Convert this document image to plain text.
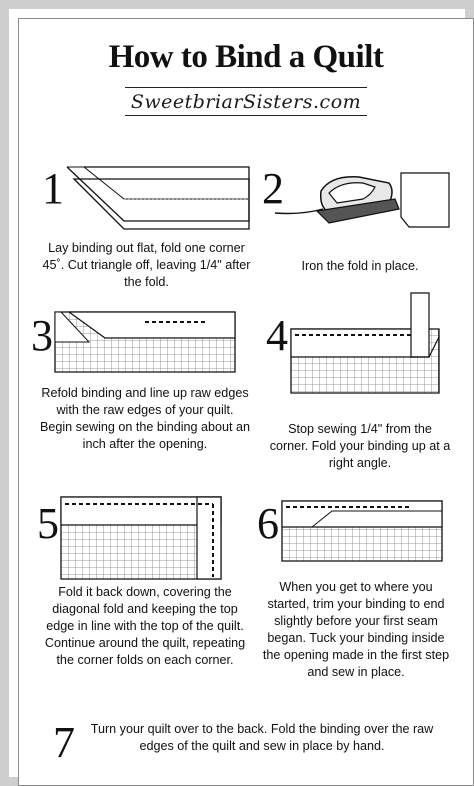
How to Bind a Quilt
SweetbriarSisters.com
1
Lay binding out flat, fold one corner 45˚. Cut triangle off, leaving 1/4" after the fold.
2
Iron the fold in place.
3
Refold binding and line up raw edges with the raw edges of your quilt. Begin sewing on the binding about an inch after the opening.
4
Stop sewing 1/4" from the corner. Fold your binding up at a right angle.
5
Fold it back down, covering the diagonal fold and keeping the top edge in line with the top of the quilt. Continue around the quilt, repeating the corner folds on each corner.
6
When you get to where you started, trim your binding to end slightly before your first seam began. Tuck your binding inside the opening made in the first step and sew in place.
7	Turn your quilt over to the back. Fold the binding over the raw edges of the quilt and sew in place by hand.
